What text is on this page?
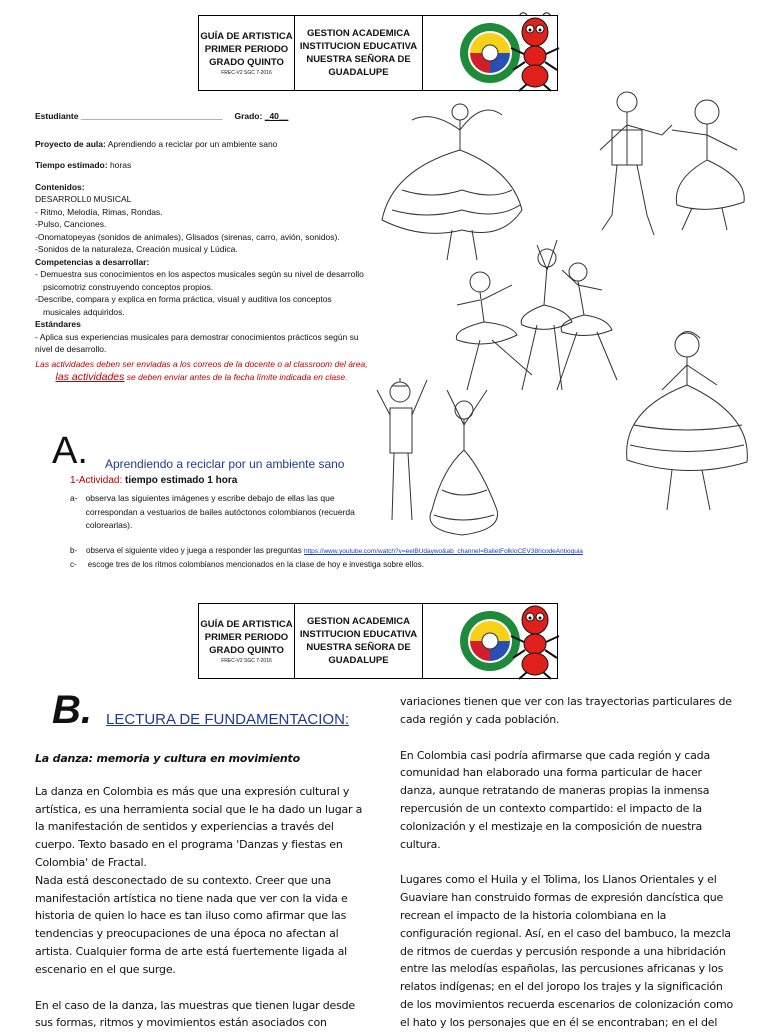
GUÍA DE ARTISTICA
PRIMER PERIODO
GRADO QUINTO
FREC-V2 SGC 7-2016
GESTION ACADEMICA
INSTITUCION EDUCATIVA
NUESTRA SEÑORA DE
GUADALUPE

Estudiante ______________________________ Grado: _40__

Proyecto de aula: Aprendiendo a reciclar por un ambiente sano

Tiempo estimado: horas

Contenidos:

DESARROLL0 MUSICAL

- Ritmo, Melodía, Rimas, Rondas.

-Pulso, Canciones.

-Onomatopeyas (sonidos de animales), Glisados (sirenas, carro, avión, sonidos).

-Sonidos de la naturaleza, Creación musical y Lúdica.

Competencias a desarrollar:

- Demuestra sus conocimientos en los aspectos musicales según su nivel de desarrollo psicomotriz construyendo conceptos propios.

-Describe, compara y explica en forma práctica, visual y auditiva los conceptos musicales adquiridos.

Estándares

- Aplica sus experiencias musicales para demostrar conocimientos prácticos según su nivel de desarrollo.

Las actividades deben ser enviadas a los correos de la docente o al classroom del área, las actividades se deben enviar antes de la fecha límite indicada en clase.

A. Aprendiendo a reciclar por un ambiente sano
1-Actividad: tiempo estimado 1 hora
a- observa las siguientes imágenes y escribe debajo de ellas las que correspondan a vestuarios de bailes autóctonos colombianos (recuerda colorearlas).
b- observa el siguiente video y juega a responder las preguntas https://www.youtube.com/watch?v=eelBUdaywo&ab_channel=BalletFolkloCEV38ricodeAntioquia
c- escoge tres de los ritmos colombianos mencionados en la clase de hoy e investiga sobre ellos.
GUÍA DE ARTISTICA
PRIMER PERIODO
GRADO QUINTO
FREC-V2 SGC 7-2016
GESTION ACADEMICA
INSTITUCION EDUCATIVA
NUESTRA SEÑORA DE
GUADALUPE
B. LECTURA DE FUNDAMENTACION:
La danza: memoria y cultura en movimiento

La danza en Colombia es más que una expresión cultural y artística, es una herramienta social que le ha dado un lugar a la manifestación de sentidos y experiencias a través del cuerpo. Texto basado en el programa 'Danzas y fiestas en Colombia' de Fractal.

Nada está desconectado de su contexto. Creer que una manifestación artística no tiene nada que ver con la vida e historia de quien lo hace es tan iluso como afirmar que las tendencias y preocupaciones de una época no afectan al artista. Cualquier forma de arte está fuertemente ligada al escenario en el que surge.

En el caso de la danza, las muestras que tienen lugar desde sus formas, ritmos y movimientos están asociados con

variaciones tienen que ver con las trayectorias particulares de cada región y cada población.

En Colombia casi podría afirmarse que cada región y cada comunidad han elaborado una forma particular de hacer danza, aunque retratando de maneras propias la inmensa repercusión de un contexto compartido: el impacto de la colonización y el mestizaje en la composición de nuestra cultura.

Lugares como el Huila y el Tolima, los Llanos Orientales y el Guaviare han construido formas de expresión dancística que recrean el impacto de la historia colombiana en la configuración regional. Así, en el caso del bambuco, la mezcla de ritmos de cuerdas y percusión responde a una hibridación entre las melodías españolas, las percusiones africanas y los relatos indígenas; en el del joropo los trajes y la significación de los movimientos recuerda escenarios de colonización como el hato y los personajes que en él se encontraban; en el del
